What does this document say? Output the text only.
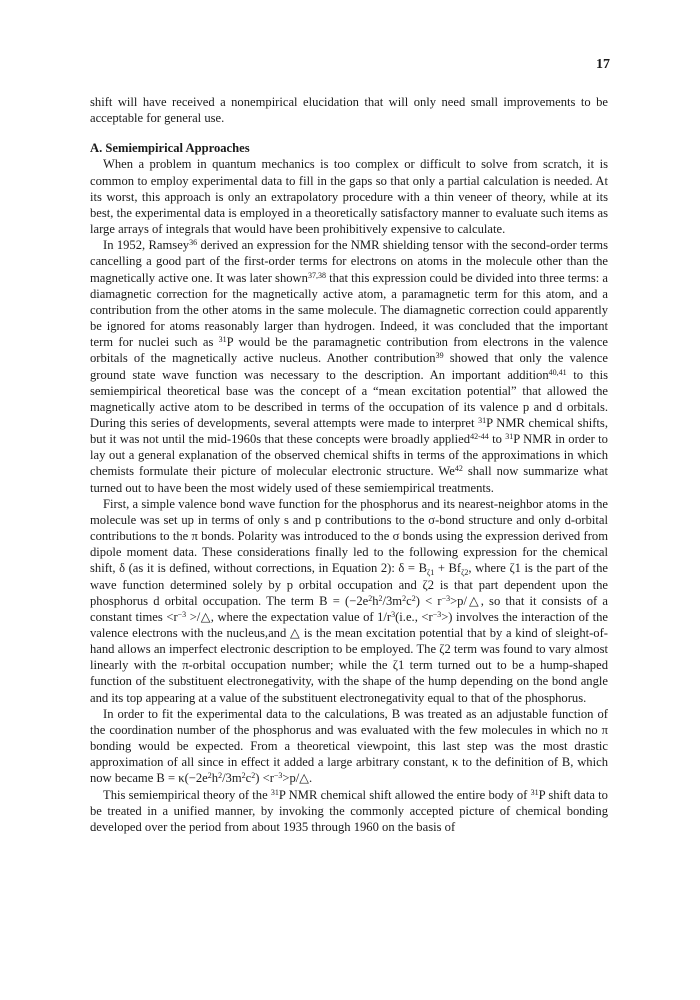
17

shift will have received a nonempirical elucidation that will only need small improvements to be acceptable for general use.

A. Semiempirical Approaches

When a problem in quantum mechanics is too complex or difficult to solve from scratch, it is common to employ experimental data to fill in the gaps so that only a partial calculation is needed. At its worst, this approach is only an extrapolatory procedure with a thin veneer of theory, while at its best, the experimental data is employed in a theoretically satisfactory manner to evaluate such items as large arrays of integrals that would have been prohibitively expensive to calculate.

In 1952, Ramsey$^{36}$ derived an expression for the NMR shielding tensor with the second-order terms cancelling a good part of the first-order terms for electrons on atoms in the molecule other than the magnetically active one. It was later shown$^{37,38}$ that this expression could be divided into three terms: a diamagnetic correction for the magnetically active atom, a paramagnetic term for this atom, and a contribution from the other atoms in the same molecule. The diamagnetic correction could apparently be ignored for atoms reasonably larger than hydrogen. Indeed, it was concluded that the important term for nuclei such as $^{31}$P would be the paramagnetic contribution from electrons in the valence orbitals of the magnetically active nucleus. Another contribution$^{39}$ showed that only the valence ground state wave function was necessary to the description. An important addition$^{40,41}$ to this semiempirical theoretical base was the concept of a “mean excitation potential” that allowed the magnetically active atom to be described in terms of the occupation of its valence p and d orbitals. During this series of developments, several attempts were made to interpret $^{31}$P NMR chemical shifts, but it was not until the mid-1960s that these concepts were broadly applied$^{42-44}$ to $^{31}$P NMR in order to lay out a general explanation of the observed chemical shifts in terms of the approximations in which chemists formulate their picture of molecular electronic structure. We$^{42}$ shall now summarize what turned out to have been the most widely used of these semiempirical treatments.

First, a simple valence bond wave function for the phosphorus and its nearest-neighbor atoms in the molecule was set up in terms of only s and p contributions to the σ-bond structure and only d-orbital contributions to the π bonds. Polarity was introduced to the σ bonds using the expression derived from dipole moment data. These considerations finally led to the following expression for the chemical shift, δ (as it is defined, without corrections, in Equation 2): $\delta = B_{\zeta 1} + Bf_{\zeta 2}$, where ζ1 is the part of the wave function determined solely by p orbital occupation and ζ2 is that part dependent upon the phosphorus d orbital occupation. The term $B = (-2e^2h^2/3m^2c^2)$ < $r^{-3}>p/\triangle$, so that it consists of a constant times $<r^{-3}$ >/△, where the expectation value of $1/r^3(i.e$., $<r^{-3}>$) involves the interaction of the valence electrons with the nucleus,and △ is the mean excitation potential that by a kind of sleight-of-hand allows an imperfect electronic description to be employed. The ζ2 term was found to vary almost linearly with the π-orbital occupation number; while the ζ1 term turned out to be a hump-shaped function of the substituent electronegativity, with the shape of the hump depending on the bond angle and its top appearing at a value of the substituent electronegativity equal to that of the phosphorus.

In order to fit the experimental data to the calculations, B was treated as an adjustable function of the coordination number of the phosphorus and was evaluated with the few molecules in which no π bonding would be expected. From a theoretical viewpoint, this last step was the most drastic approximation of all since in effect it added a large arbitrary constant, κ to the definition of B, which now became $B = \kappa(-2e^2h^2/3m^2c^2)$ $<r^{-3}>p/\triangle$.

This semiempirical theory of the $^{31}$P NMR chemical shift allowed the entire body of $^{31}$P shift data to be treated in a unified manner, by invoking the commonly accepted picture of chemical bonding developed over the period from about 1935 through 1960 on the basis of
